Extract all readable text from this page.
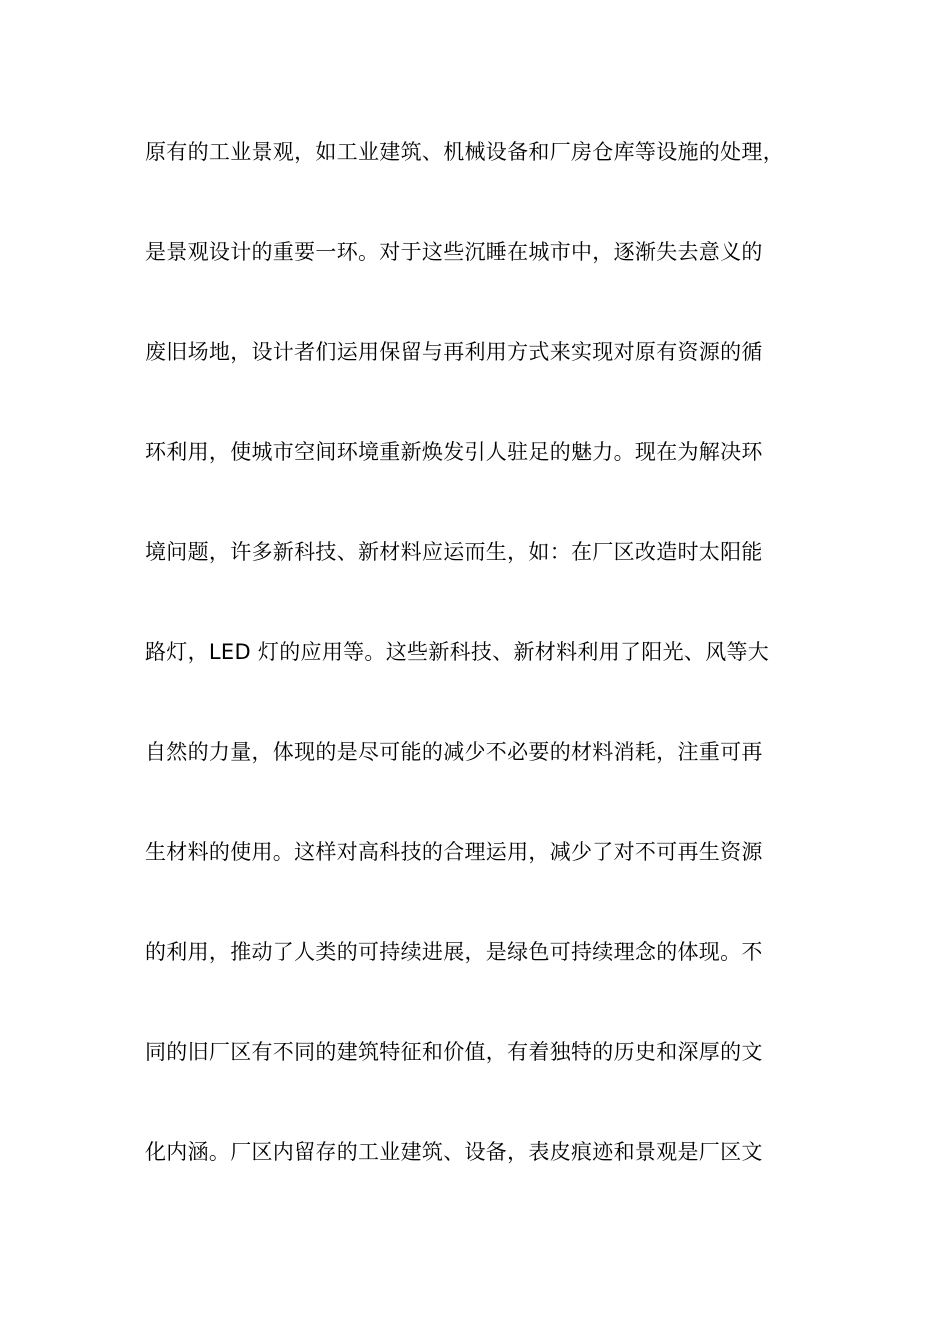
原有的工业景观，如工业建筑、机械设备和厂房仓库等设施的处理，
是景观设计的重要一环。对于这些沉睡在城市中，逐渐失去意义的
废旧场地，设计者们运用保留与再利用方式来实现对原有资源的循
环利用，使城市空间环境重新焕发引人驻足的魅力。现在为解决环
境问题，许多新科技、新材料应运而生，如：在厂区改造时太阳能
路灯，LED 灯的应用等。这些新科技、新材料利用了阳光、风等大
自然的力量，体现的是尽可能的减少不必要的材料消耗，注重可再
生材料的使用。这样对高科技的合理运用，减少了对不可再生资源
的利用，推动了人类的可持续进展，是绿色可持续理念的体现。不
同的旧厂区有不同的建筑特征和价值，有着独特的历史和深厚的文
化内涵。厂区内留存的工业建筑、设备，表皮痕迹和景观是厂区文
